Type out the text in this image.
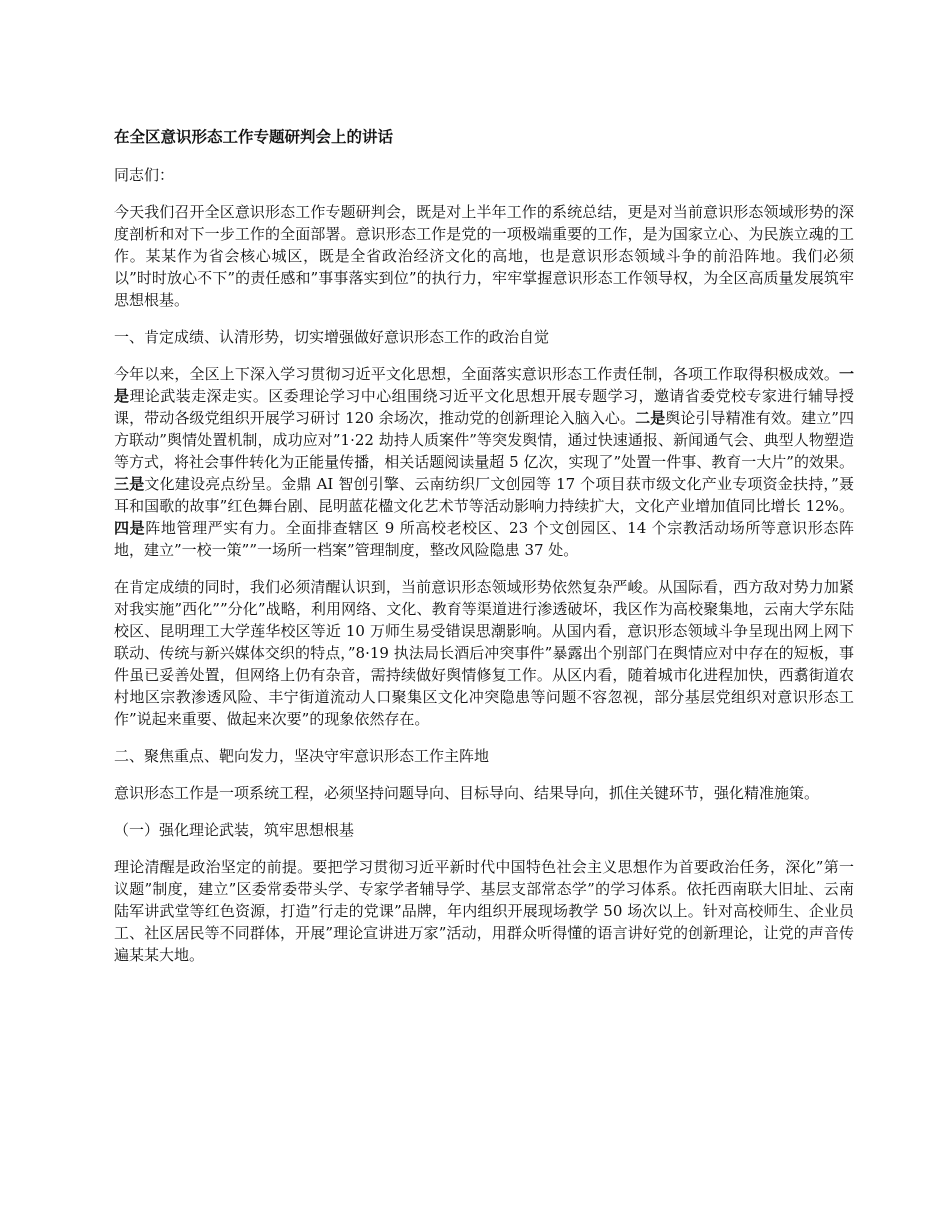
在全区意识形态工作专题研判会上的讲话

同志们：

今天我们召开全区意识形态工作专题研判会，既是对上半年工作的系统总结，更是对当前意识形态领域形势的深度剖析和对下一步工作的全面部署。意识形态工作是党的一项极端重要的工作，是为国家立心、为民族立魂的工作。某某作为省会核心城区，既是全省政治经济文化的高地，也是意识形态领域斗争的前沿阵地。我们必须以”时时放心不下”的责任感和”事事落实到位”的执行力，牢牢掌握意识形态工作领导权，为全区高质量发展筑牢思想根基。

一、肯定成绩、认清形势，切实增强做好意识形态工作的政治自觉

今年以来，全区上下深入学习贯彻习近平文化思想，全面落实意识形态工作责任制，各项工作取得积极成效。一是理论武装走深走实。区委理论学习中心组围绕习近平文化思想开展专题学习，邀请省委党校专家进行辅导授课，带动各级党组织开展学习研讨 120 余场次，推动党的创新理论入脑入心。二是舆论引导精准有效。建立”四方联动”舆情处置机制，成功应对”1·22 劫持人质案件”等突发舆情，通过快速通报、新闻通气会、典型人物塑造等方式，将社会事件转化为正能量传播，相关话题阅读量超 5 亿次，实现了”处置一件事、教育一大片”的效果。三是文化建设亮点纷呈。金鼎 AI 智创引擎、云南纺织厂文创园等 17 个项目获市级文化产业专项资金扶持，”聂耳和国歌的故事”红色舞台剧、昆明蓝花楹文化艺术节等活动影响力持续扩大，文化产业增加值同比增长 12%。四是阵地管理严实有力。全面排查辖区 9 所高校老校区、23 个文创园区、14 个宗教活动场所等意识形态阵地，建立”一校一策””一场所一档案”管理制度，整改风险隐患 37 处。

在肯定成绩的同时，我们必须清醒认识到，当前意识形态领域形势依然复杂严峻。从国际看，西方敌对势力加紧对我实施”西化””分化”战略，利用网络、文化、教育等渠道进行渗透破坏，我区作为高校聚集地，云南大学东陆校区、昆明理工大学莲华校区等近 10 万师生易受错误思潮影响。从国内看，意识形态领域斗争呈现出网上网下联动、传统与新兴媒体交织的特点，”8·19 执法局长酒后冲突事件”暴露出个别部门在舆情应对中存在的短板，事件虽已妥善处置，但网络上仍有杂音，需持续做好舆情修复工作。从区内看，随着城市化进程加快，西翥街道农村地区宗教渗透风险、丰宁街道流动人口聚集区文化冲突隐患等问题不容忽视，部分基层党组织对意识形态工作”说起来重要、做起来次要”的现象依然存在。

二、聚焦重点、靶向发力，坚决守牢意识形态工作主阵地

意识形态工作是一项系统工程，必须坚持问题导向、目标导向、结果导向，抓住关键环节，强化精准施策。

（一）强化理论武装，筑牢思想根基

理论清醒是政治坚定的前提。要把学习贯彻习近平新时代中国特色社会主义思想作为首要政治任务，深化”第一议题”制度，建立”区委常委带头学、专家学者辅导学、基层支部常态学”的学习体系。依托西南联大旧址、云南陆军讲武堂等红色资源，打造”行走的党课”品牌，年内组织开展现场教学 50 场次以上。针对高校师生、企业员工、社区居民等不同群体，开展”理论宣讲进万家”活动，用群众听得懂的语言讲好党的创新理论，让党的声音传遍某某大地。
